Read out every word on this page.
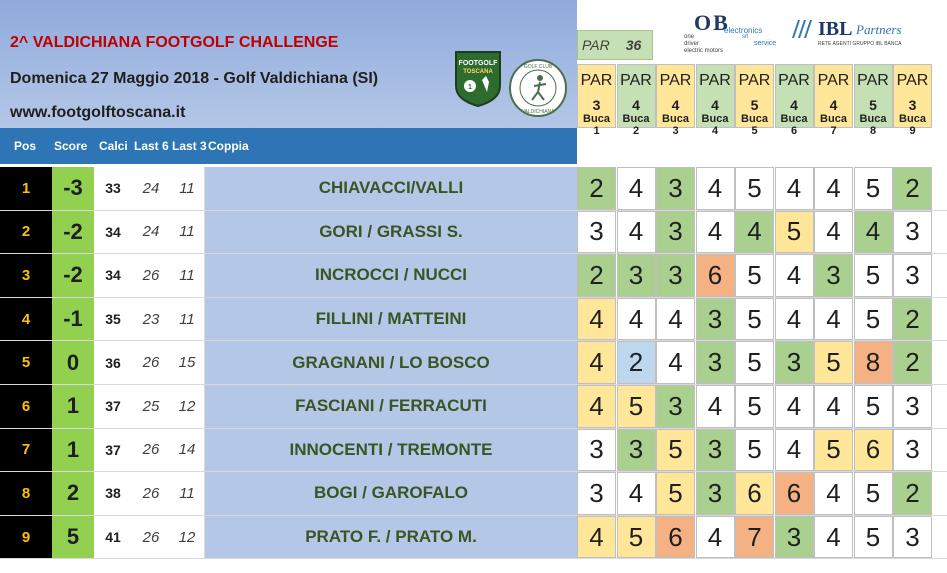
2^ VALDICHIANA FOOTGOLF CHALLENGE
Domenica 27 Maggio 2018 - Golf Valdichiana (SI)
www.footgolftoscana.it
FOOTGOLF
TOSCANA
1
GOLF CLUB
VALDICHIANA
PAR 36
OB
electronics
srl
service
one
driver
electric motors
IBL Partners
RETE AGENTI GRUPPO IBL BANCA
PAR
3
Buca
1
PAR
4
Buca
2
PAR
4
Buca
3
PAR
4
Buca
4
PAR
5
Buca
5
PAR
4
Buca
6
PAR
4
Buca
7
PAR
5
Buca
8
PAR
3
Buca
9
Pos Score Calci Last 6 Last 3 Coppia
1	-3	33	24	11	CHIAVACCI/VALLI	2 4 3 4 5 4 4 5 2
2	-2	34	24	11	GORI / GRASSI S.	3 4 3 4 4 5 4 4 3
3	-2	34	26	11	INCROCCI / NUCCI	2 3 3 6 5 4 3 5 3
4	-1	35	23	11	FILLINI / MATTEINI	4 4 4 3 5 4 4 5 2
5	0	36	26	15	GRAGNANI / LO BOSCO	4 2 4 3 5 3 5 8 2
6	1	37	25	12	FASCIANI / FERRACUTI	4 5 3 4 5 4 4 5 3
7	1	37	26	14	INNOCENTI / TREMONTE	3 3 5 3 5 4 5 6 3
8	2	38	26	11	BOGI / GAROFALO	3 4 5 3 6 6 4 5 2
9	5	41	26	12	PRATO F. / PRATO M.	4 5 6 4 7 3 4 5 3
